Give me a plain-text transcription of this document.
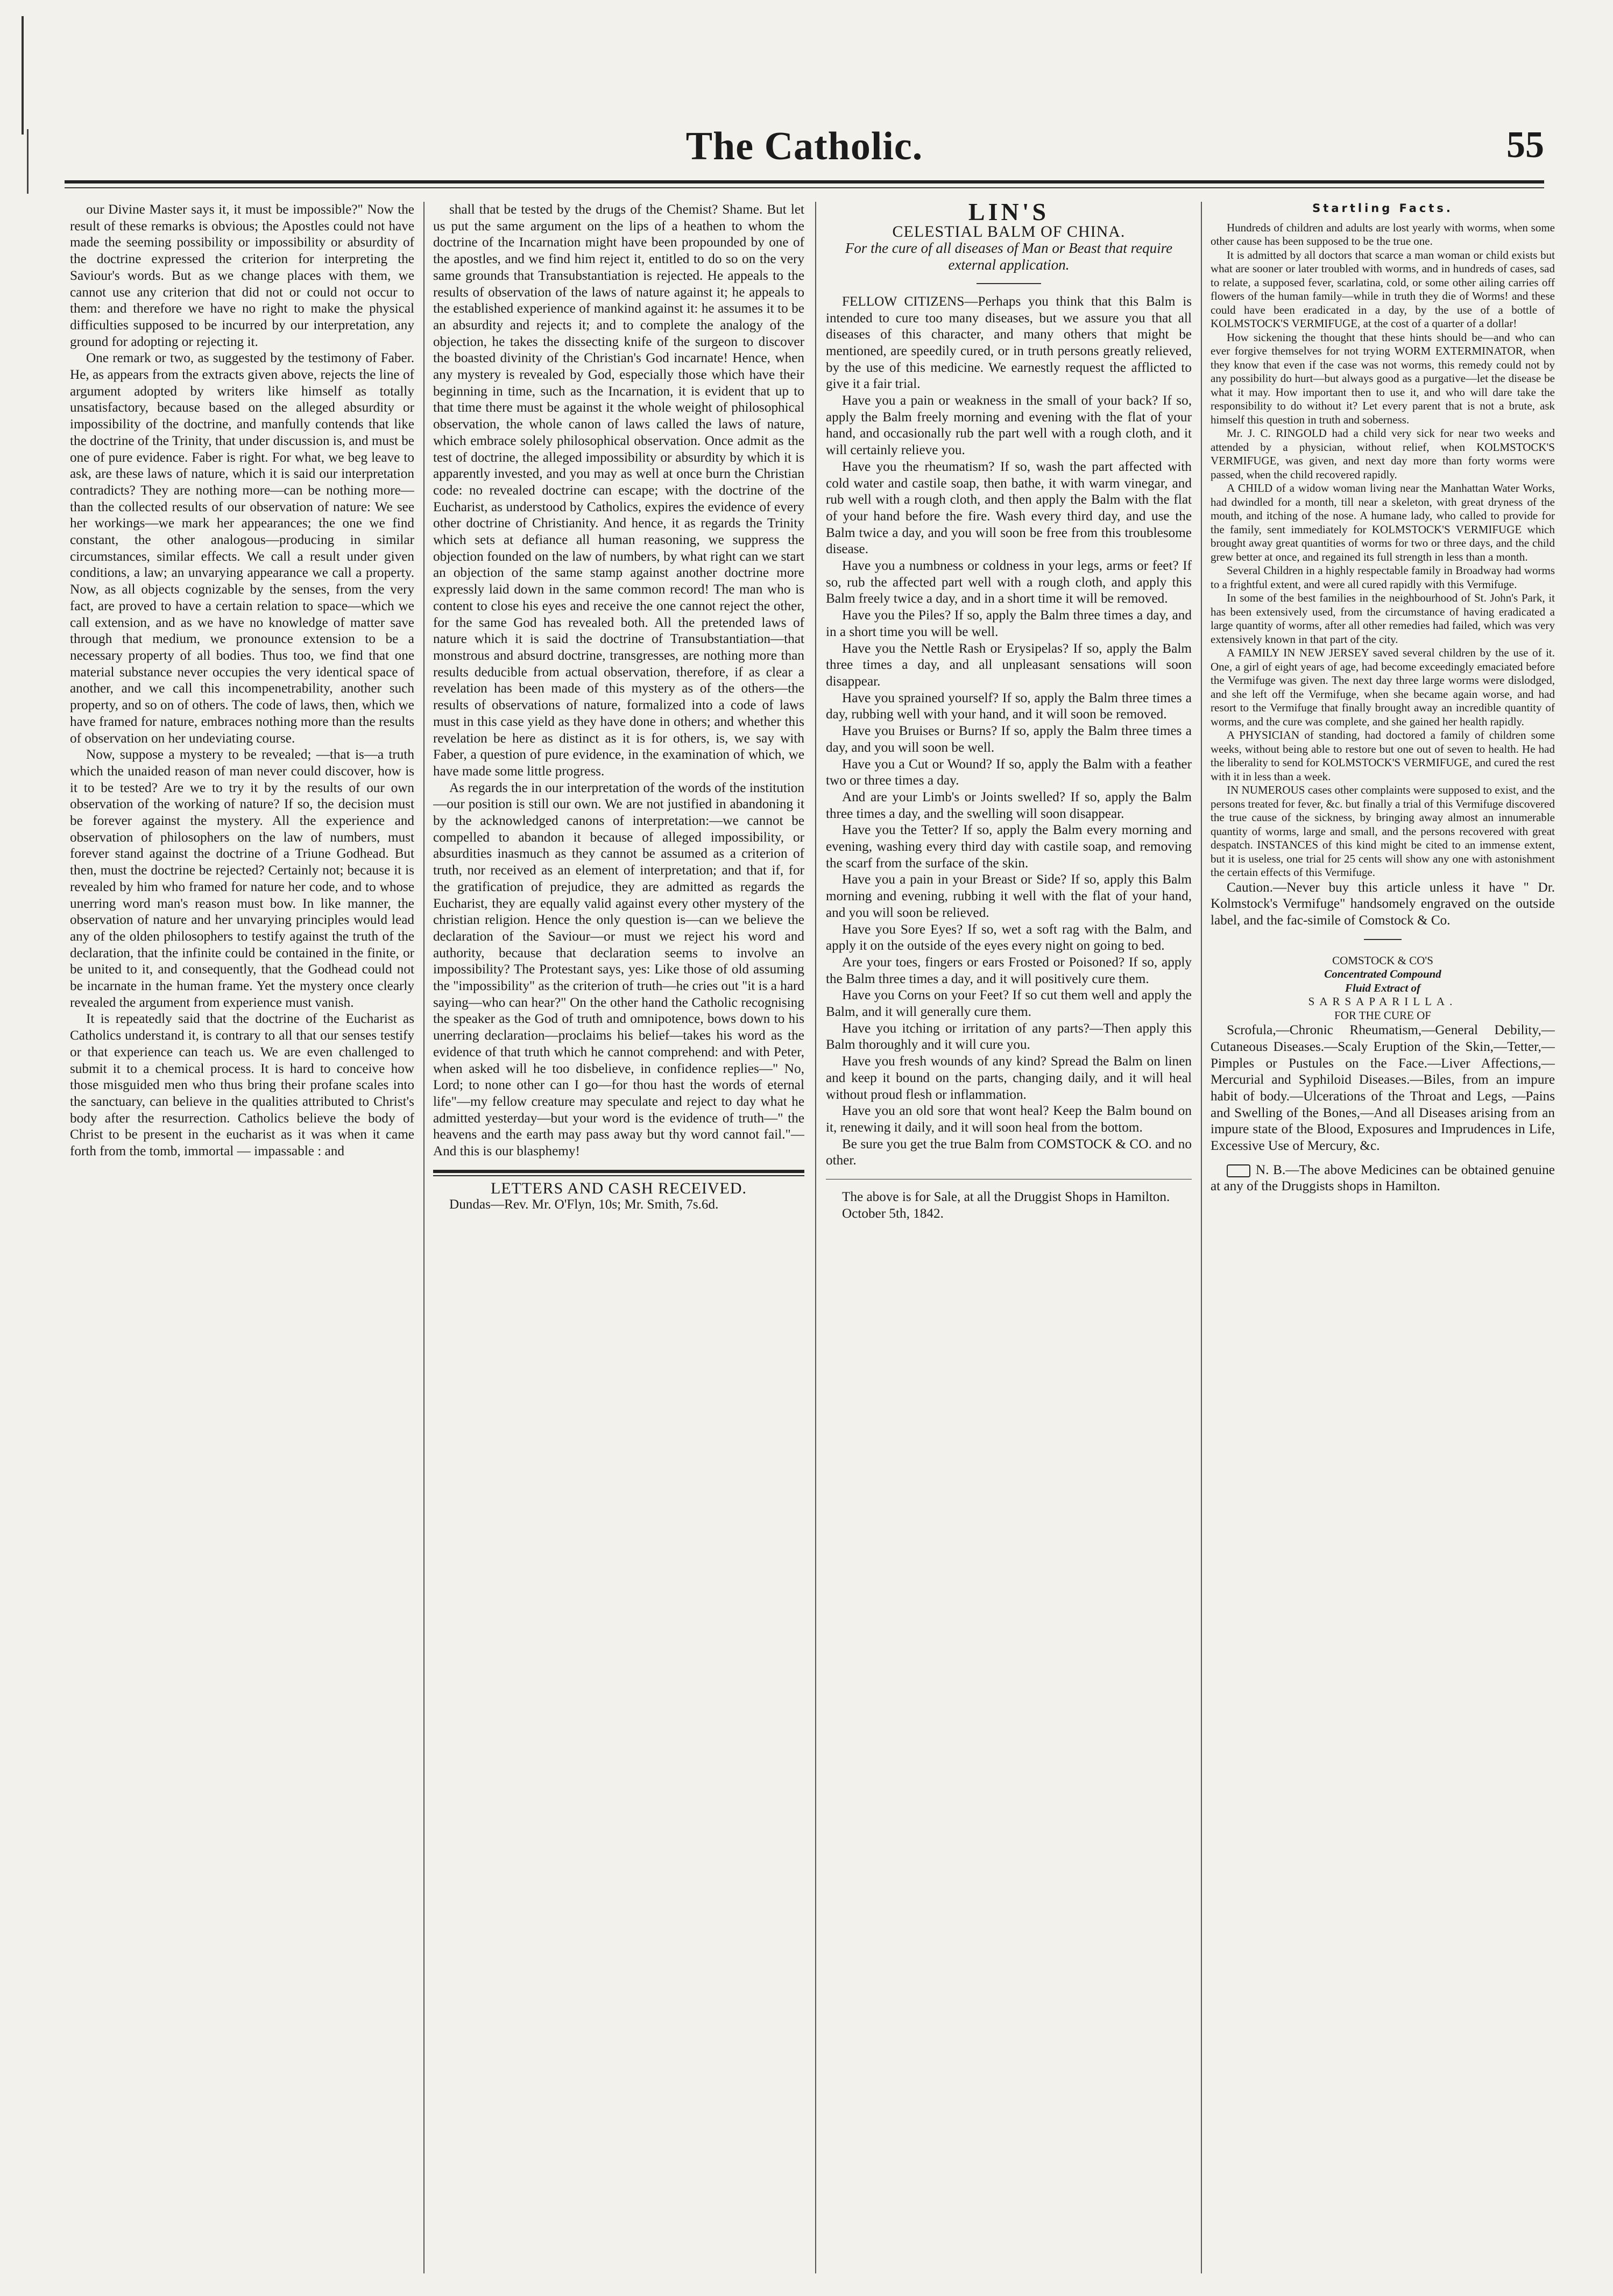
The Catholic.	55

our Divine Master says it, it must be impossible?" Now the result of these remarks is obvious; the Apostles could not have made the seeming possibility or impossibility or absurdity of the doctrine expressed the criterion for interpreting the Saviour's words. But as we change places with them, we cannot use any criterion that did not or could not occur to them: and therefore we have no right to make the physical difficulties supposed to be incurred by our interpretation, any ground for adopting or rejecting it.

One remark or two, as suggested by the testimony of Faber. He, as appears from the extracts given above, rejects the line of argument adopted by writers like himself as totally unsatisfactory, because based on the alleged absurdity or impossibility of the doctrine, and manfully contends that like the doctrine of the Trinity, that under discussion is, and must be one of pure evidence. Faber is right. For what, we beg leave to ask, are these laws of nature, which it is said our interpretation contradicts? They are nothing more—can be nothing more—than the collected results of our observation of nature: We see her workings—we mark her appearances; the one we find constant, the other analogous—producing in similar circumstances, similar effects. We call a result under given conditions, a law; an unvarying appearance we call a property. Now, as all objects cognizable by the senses, from the very fact, are proved to have a certain relation to space—which we call extension, and as we have no knowledge of matter save through that medium, we pronounce extension to be a necessary property of all bodies. Thus too, we find that one material substance never occupies the very identical space of another, and we call this incompenetrability, another such property, and so on of others. The code of laws, then, which we have framed for nature, embraces nothing more than the results of observation on her undeviating course.

Now, suppose a mystery to be revealed; —that is—a truth which the unaided reason of man never could discover, how is it to be tested? Are we to try it by the results of our own observation of the working of nature? If so, the decision must be forever against the mystery. All the experience and observation of philosophers on the law of numbers, must forever stand against the doctrine of a Triune Godhead. But then, must the doctrine be rejected? Certainly not; because it is revealed by him who framed for nature her code, and to whose unerring word man's reason must bow. In like manner, the observation of nature and her unvarying principles would lead any of the olden philosophers to testify against the truth of the declaration, that the infinite could be contained in the finite, or be united to it, and consequently, that the Godhead could not be incarnate in the human frame. Yet the mystery once clearly revealed the argument from experience must vanish.

It is repeatedly said that the doctrine of the Eucharist as Catholics understand it, is contrary to all that our senses testify or that experience can teach us. We are even challenged to submit it to a chemical process. It is hard to conceive how those misguided men who thus bring their profane scales into the sanctuary, can believe in the qualities attributed to Christ's body after the resurrection. Catholics believe the body of Christ to be present in the eucharist as it was when it came forth from the tomb, immortal — impassable : and

shall that be tested by the drugs of the Chemist? Shame. But let us put the same argument on the lips of a heathen to whom the doctrine of the Incarnation might have been propounded by one of the apostles, and we find him reject it, entitled to do so on the very same grounds that Transubstantiation is rejected. He appeals to the results of observation of the laws of nature against it; he appeals to the established experience of mankind against it: he assumes it to be an absurdity and rejects it; and to complete the analogy of the objection, he takes the dissecting knife of the surgeon to discover the boasted divinity of the Christian's God incarnate! Hence, when any mystery is revealed by God, especially those which have their beginning in time, such as the Incarnation, it is evident that up to that time there must be against it the whole weight of philosophical observation, the whole canon of laws called the laws of nature, which embrace solely philosophical observation. Once admit as the test of doctrine, the alleged impossibility or absurdity by which it is apparently invested, and you may as well at once burn the Christian code: no revealed doctrine can escape; with the doctrine of the Eucharist, as understood by Catholics, expires the evidence of every other doctrine of Christianity. And hence, it as regards the Trinity which sets at defiance all human reasoning, we suppress the objection founded on the law of numbers, by what right can we start an objection of the same stamp against another doctrine more expressly laid down in the same common record! The man who is content to close his eyes and receive the one cannot reject the other, for the same God has revealed both. All the pretended laws of nature which it is said the doctrine of Transubstantiation—that monstrous and absurd doctrine, transgresses, are nothing more than results deducible from actual observation, therefore, if as clear a revelation has been made of this mystery as of the others—the results of observations of nature, formalized into a code of laws must in this case yield as they have done in others; and whether this revelation be here as distinct as it is for others, is, we say with Faber, a question of pure evidence, in the examination of which, we have made some little progress.

As regards the in our interpretation of the words of the institution—our position is still our own. We are not justified in abandoning it by the acknowledged canons of interpretation:—we cannot be compelled to abandon it because of alleged impossibility, or absurdities inasmuch as they cannot be assumed as a criterion of truth, nor received as an element of interpretation; and that if, for the gratification of prejudice, they are admitted as regards the Eucharist, they are equally valid against every other mystery of the christian religion. Hence the only question is—can we believe the declaration of the Saviour—or must we reject his word and authority, because that declaration seems to involve an impossibility? The Protestant says, yes: Like those of old assuming the "impossibility" as the criterion of truth—he cries out "it is a hard saying—who can hear?" On the other hand the Catholic recognising the speaker as the God of truth and omnipotence, bows down to his unerring declaration—proclaims his belief—takes his word as the evidence of that truth which he cannot comprehend: and with Peter, when asked will he too disbelieve, in confidence replies—" No, Lord; to none other can I go—for thou hast the words of eternal life"—my fellow creature may speculate and reject to day what he admitted yesterday—but your word is the evidence of truth—" the heavens and the earth may pass away but thy word cannot fail."—And this is our blasphemy!

LETTERS AND CASH RECEIVED.

Dundas—Rev. Mr. O'Flyn, 10s; Mr. Smith, 7s.6d.

LIN'S

CELESTIAL BALM OF CHINA.

For the cure of all diseases of Man or Beast that require external application.

FELLOW CITIZENS—Perhaps you think that this Balm is intended to cure too many diseases, but we assure you that all diseases of this character, and many others that might be mentioned, are speedily cured, or in truth persons greatly relieved, by the use of this medicine. We earnestly request the afflicted to give it a fair trial.

Have you a pain or weakness in the small of your back? If so, apply the Balm freely morning and evening with the flat of your hand, and occasionally rub the part well with a rough cloth, and it will certainly relieve you.

Have you the rheumatism? If so, wash the part affected with cold water and castile soap, then bathe, it with warm vinegar, and rub well with a rough cloth, and then apply the Balm with the flat of your hand before the fire. Wash every third day, and use the Balm twice a day, and you will soon be free from this troublesome disease.

Have you a numbness or coldness in your legs, arms or feet? If so, rub the affected part well with a rough cloth, and apply this Balm freely twice a day, and in a short time it will be removed.

Have you the Piles? If so, apply the Balm three times a day, and in a short time you will be well.

Have you the Nettle Rash or Erysipelas? If so, apply the Balm three times a day, and all unpleasant sensations will soon disappear.

Have you sprained yourself? If so, apply the Balm three times a day, rubbing well with your hand, and it will soon be removed.

Have you Bruises or Burns? If so, apply the Balm three times a day, and you will soon be well.

Have you a Cut or Wound? If so, apply the Balm with a feather two or three times a day.

And are your Limb's or Joints swelled? If so, apply the Balm three times a day, and the swelling will soon disappear.

Have you the Tetter? If so, apply the Balm every morning and evening, washing every third day with castile soap, and removing the scarf from the surface of the skin.

Have you a pain in your Breast or Side? If so, apply this Balm morning and evening, rubbing it well with the flat of your hand, and you will soon be relieved.

Have you Sore Eyes? If so, wet a soft rag with the Balm, and apply it on the outside of the eyes every night on going to bed.

Are your toes, fingers or ears Frosted or Poisoned? If so, apply the Balm three times a day, and it will positively cure them.

Have you Corns on your Feet? If so cut them well and apply the Balm, and it will generally cure them.

Have you itching or irritation of any parts?—Then apply this Balm thoroughly and it will cure you.

Have you fresh wounds of any kind? Spread the Balm on linen and keep it bound on the parts, changing daily, and it will heal without proud flesh or inflammation.

Have you an old sore that wont heal? Keep the Balm bound on it, renewing it daily, and it will soon heal from the bottom.

Be sure you get the true Balm from COMSTOCK & CO. and no other.

The above is for Sale, at all the Druggist Shops in Hamilton.

October 5th, 1842.

Startling Facts.

Hundreds of children and adults are lost yearly with worms, when some other cause has been supposed to be the true one.

It is admitted by all doctors that scarce a man woman or child exists but what are sooner or later troubled with worms, and in hundreds of cases, sad to relate, a supposed fever, scarlatina, cold, or some other ailing carries off flowers of the human family—while in truth they die of Worms! and these could have been eradicated in a day, by the use of a bottle of KOLMSTOCK'S VERMIFUGE, at the cost of a quarter of a dollar!

How sickening the thought that these hints should be—and who can ever forgive themselves for not trying WORM EXTERMINATOR, when they know that even if the case was not worms, this remedy could not by any possibility do hurt—but always good as a purgative—let the disease be what it may. How important then to use it, and who will dare take the responsibility to do without it? Let every parent that is not a brute, ask himself this question in truth and soberness.

Mr. J. C. RINGOLD had a child very sick for near two weeks and attended by a physician, without relief, when KOLMSTOCK'S VERMIFUGE, was given, and next day more than forty worms were passed, when the child recovered rapidly.

A CHILD of a widow woman living near the Manhattan Water Works, had dwindled for a month, till near a skeleton, with great dryness of the mouth, and itching of the nose. A humane lady, who called to provide for the family, sent immediately for KOLMSTOCK'S VERMIFUGE which brought away great quantities of worms for two or three days, and the child grew better at once, and regained its full strength in less than a month.

Several Children in a highly respectable family in Broadway had worms to a frightful extent, and were all cured rapidly with this Vermifuge.

In some of the best families in the neighbourhood of St. John's Park, it has been extensively used, from the circumstance of having eradicated a large quantity of worms, after all other remedies had failed, which was very extensively known in that part of the city.

A FAMILY IN NEW JERSEY saved several children by the use of it. One, a girl of eight years of age, had become exceedingly emaciated before the Vermifuge was given. The next day three large worms were dislodged, and she left off the Vermifuge, when she became again worse, and had resort to the Vermifuge that finally brought away an incredible quantity of worms, and the cure was complete, and she gained her health rapidly.

A PHYSICIAN of standing, had doctored a family of children some weeks, without being able to restore but one out of seven to health. He had the liberality to send for KOLMSTOCK'S VERMIFUGE, and cured the rest with it in less than a week.

IN NUMEROUS cases other complaints were supposed to exist, and the persons treated for fever, &c. but finally a trial of this Vermifuge discovered the true cause of the sickness, by bringing away almost an innumerable quantity of worms, large and small, and the persons recovered with great despatch. INSTANCES of this kind might be cited to an immense extent, but it is useless, one trial for 25 cents will show any one with astonishment the certain effects of this Vermifuge.

Caution.—Never buy this article unless it have " Dr. Kolmstock's Vermifuge" handsomely engraved on the outside label, and the fac-simile of Comstock & Co.

COMSTOCK & CO'S

Concentrated Compound

Fluid Extract of

SARSAPARILLA.

FOR THE CURE OF

Scrofula,—Chronic Rheumatism,—General Debility,—Cutaneous Diseases.—Scaly Eruption of the Skin,—Tetter,—Pimples or Pustules on the Face.—Liver Affections,—Mercurial and Syphiloid Diseases.—Biles, from an impure habit of body.—Ulcerations of the Throat and Legs, —Pains and Swelling of the Bones,—And all Diseases arising from an impure state of the Blood, Exposures and Imprudences in Life, Excessive Use of Mercury, &c.

N. B.—The above Medicines can be obtained genuine at any of the Druggists shops in Hamilton.
